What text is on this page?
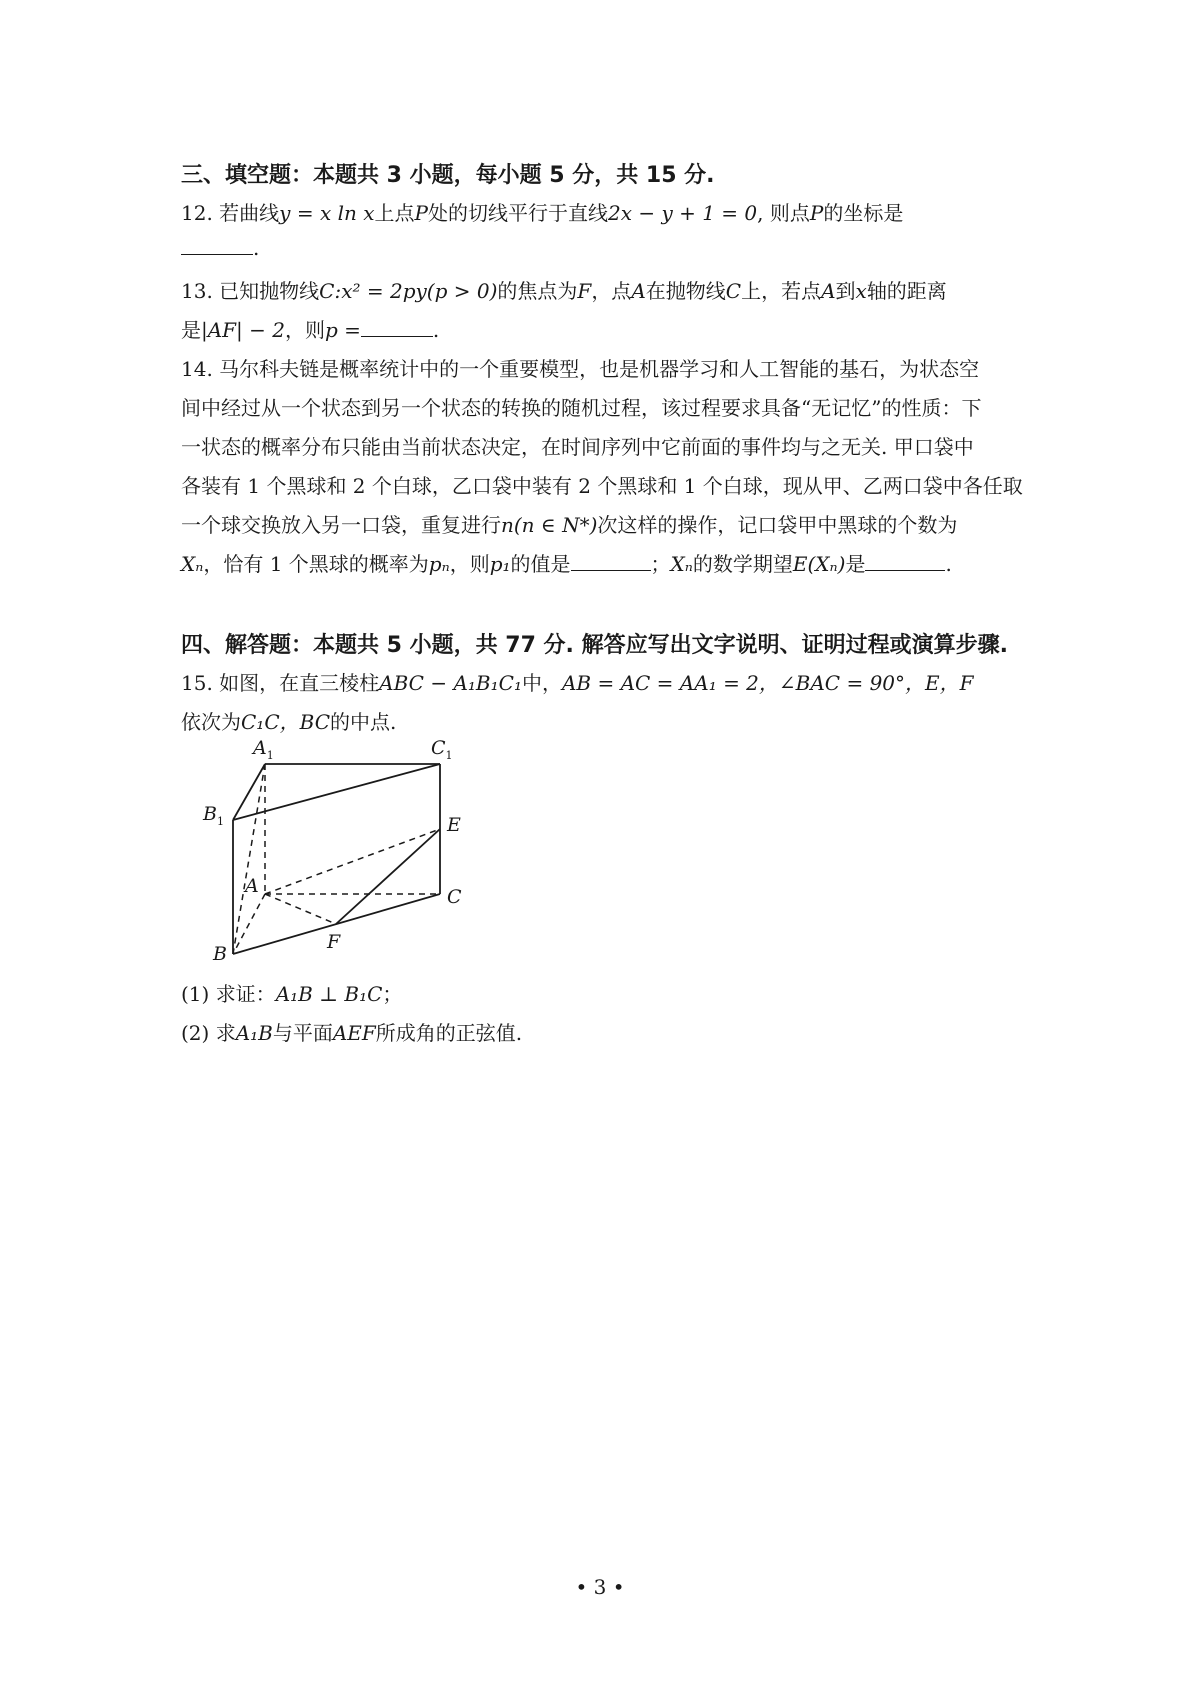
三、填空题：本题共 3 小题，每小题 5 分，共 15 分.
12. 若曲线y = x ln x上点P处的切线平行于直线2x − y + 1 = 0, 则点P的坐标是
.
13. 已知抛物线C:x² = 2py(p > 0)的焦点为F，点A在抛物线C上，若点A到x轴的距离
是|AF| − 2，则p =	.
14. 马尔科夫链是概率统计中的一个重要模型，也是机器学习和人工智能的基石，为状态空
间中经过从一个状态到另一个状态的转换的随机过程，该过程要求具备“无记忆”的性质：下
一状态的概率分布只能由当前状态决定，在时间序列中它前面的事件均与之无关. 甲口袋中
各装有 1 个黑球和 2 个白球，乙口袋中装有 2 个黑球和 1 个白球，现从甲、乙两口袋中各任取
一个球交换放入另一口袋，重复进行n(n ∈ N*)次这样的操作，记口袋甲中黑球的个数为
Xₙ，恰有 1 个黑球的概率为pₙ，则p₁的值是	；Xₙ的数学期望E(Xₙ)是	.
四、解答题：本题共 5 小题，共 77 分. 解答应写出文字说明、证明过程或演算步骤.
15. 如图，在直三棱柱ABC − A₁B₁C₁中，AB = AC = AA₁ = 2，∠BAC = 90°，E，F
依次为C₁C，BC的中点.
$A_1$	$C_1$
$B_1$	E
A	C
F
B
(1) 求证：A₁B ⊥ B₁C；
(2) 求A₁B与平面AEF所成角的正弦值.
• 3 •
